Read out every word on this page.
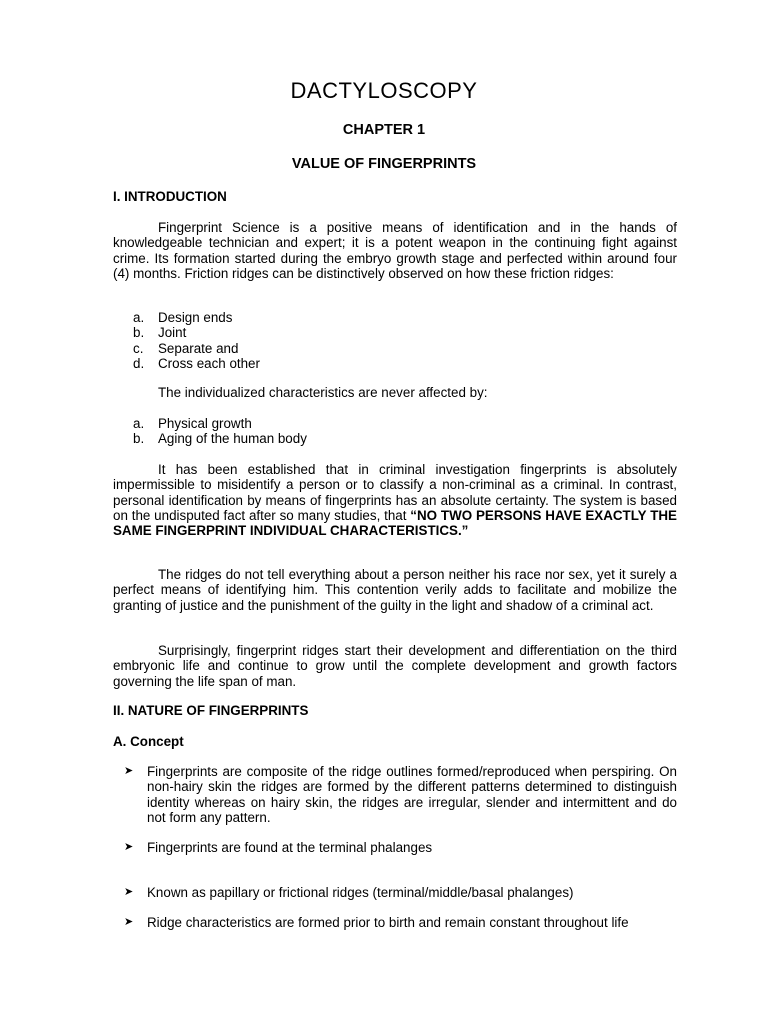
DACTYLOSCOPY
CHAPTER 1
VALUE OF FINGERPRINTS
I. INTRODUCTION
Fingerprint Science is a positive means of identification and in the hands of knowledgeable technician and expert; it is a potent weapon in the continuing fight against crime. Its formation started during the embryo growth stage and perfected within around four (4) months. Friction ridges can be distinctively observed on how these friction ridges:
a. Design ends
b. Joint
c. Separate and
d. Cross each other
The individualized characteristics are never affected by:
a. Physical growth
b. Aging of the human body
It has been established that in criminal investigation fingerprints is absolutely impermissible to misidentify a person or to classify a non-criminal as a criminal. In contrast, personal identification by means of fingerprints has an absolute certainty. The system is based on the undisputed fact after so many studies, that “NO TWO PERSONS HAVE EXACTLY THE SAME FINGERPRINT INDIVIDUAL CHARACTERISTICS.”
The ridges do not tell everything about a person neither his race nor sex, yet it surely a perfect means of identifying him. This contention verily adds to facilitate and mobilize the granting of justice and the punishment of the guilty in the light and shadow of a criminal act.
Surprisingly, fingerprint ridges start their development and differentiation on the third embryonic life and continue to grow until the complete development and growth factors governing the life span of man.
II. NATURE OF FINGERPRINTS
A. Concept
➤ Fingerprints are composite of the ridge outlines formed/reproduced when perspiring. On non-hairy skin the ridges are formed by the different patterns determined to distinguish identity whereas on hairy skin, the ridges are irregular, slender and intermittent and do not form any pattern.
➤ Fingerprints are found at the terminal phalanges
➤ Known as papillary or frictional ridges (terminal/middle/basal phalanges)
➤ Ridge characteristics are formed prior to birth and remain constant throughout life
